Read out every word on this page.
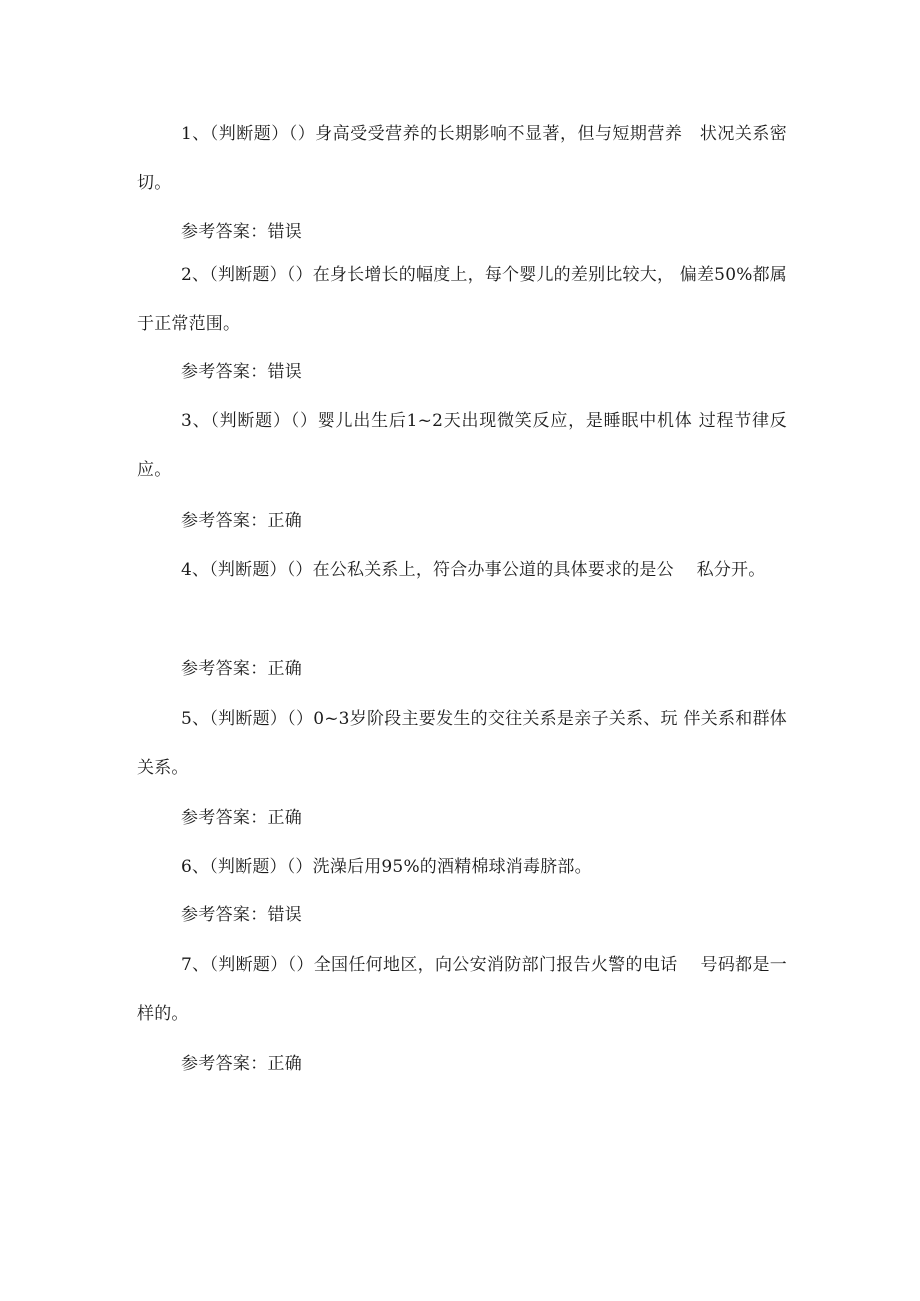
1、（判断题）（）身高受受营养的长期影响不显著，但与短期营养　状况关系密切。

参考答案：错误

2、（判断题）（）在身长增长的幅度上，每个婴儿的差别比较大， 偏差50%都属于正常范围。

参考答案：错误

3、（判断题）（）婴儿出生后1~2天出现微笑反应，是睡眠中机体 过程节律反应。

参考答案：正确

4、（判断题）（）在公私关系上，符合办事公道的具体要求的是公　 私分开。

参考答案：正确

5、（判断题）（）0~3岁阶段主要发生的交往关系是亲子关系、玩 伴关系和群体关系。

参考答案：正确

6、（判断题）（）洗澡后用95%的酒精棉球消毒脐部。

参考答案：错误

7、（判断题）（）全国任何地区，向公安消防部门报告火警的电话　 号码都是一样的。

参考答案：正确
